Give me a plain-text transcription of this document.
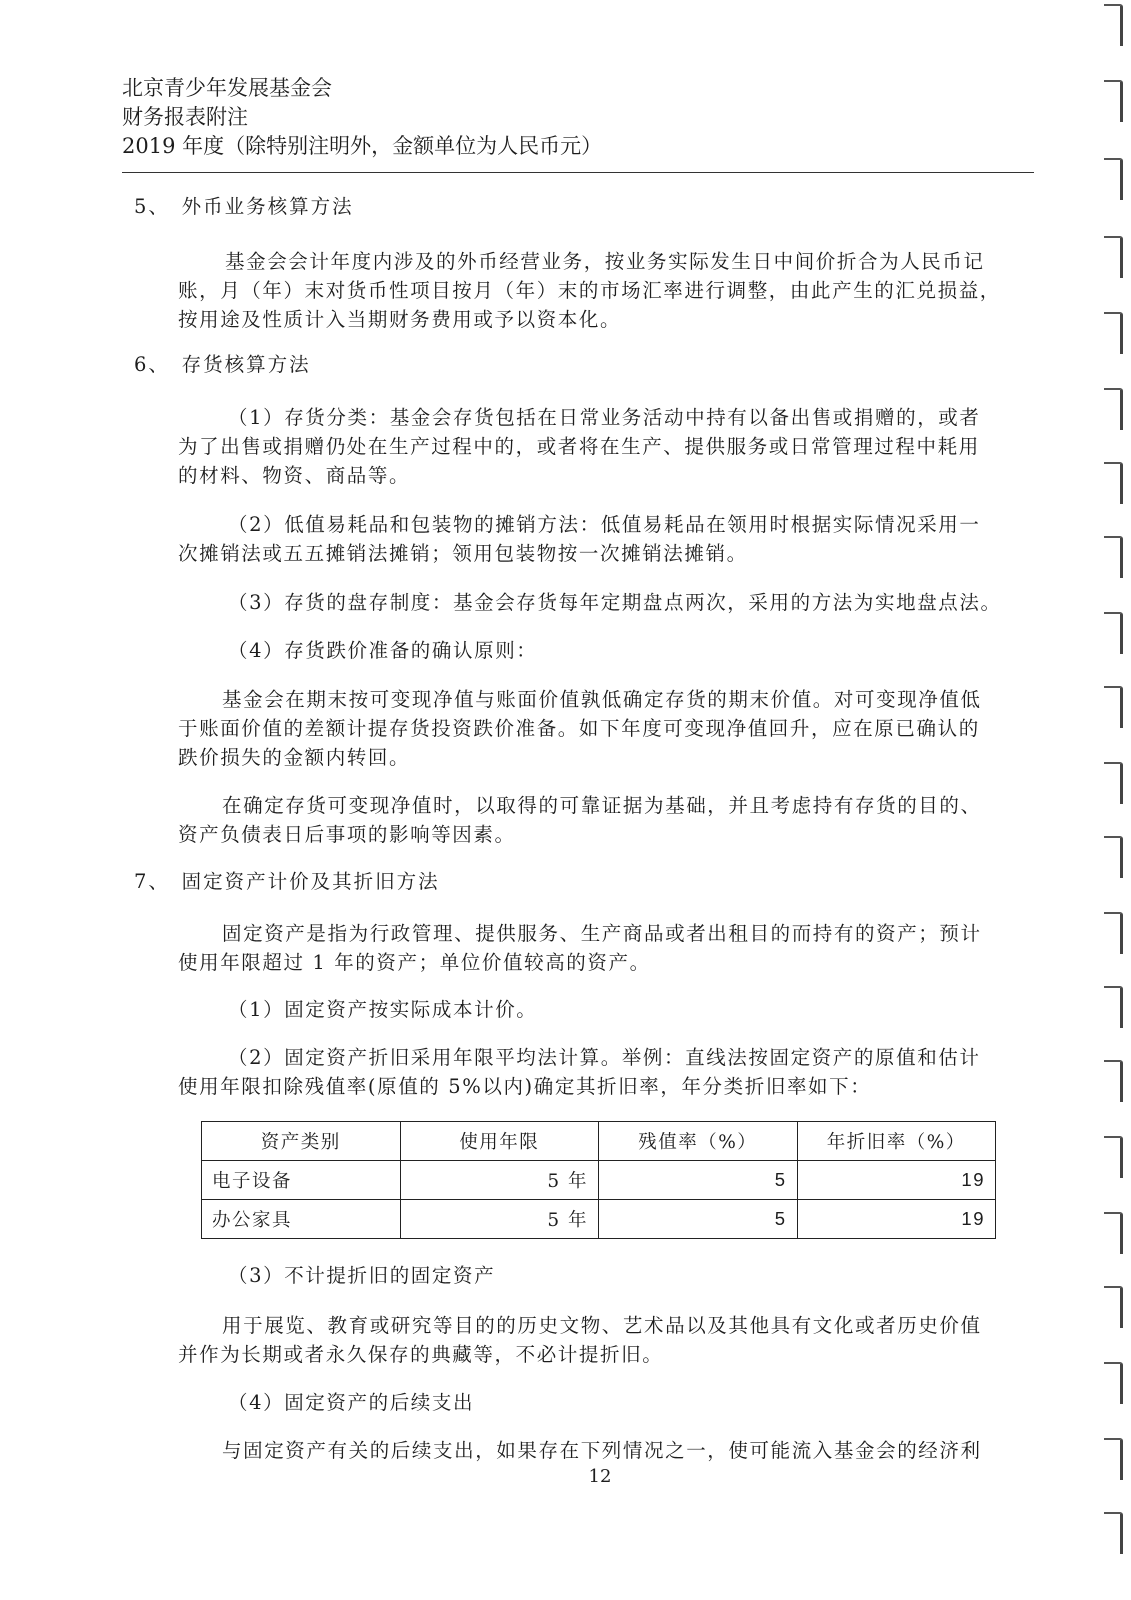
北京青少年发展基金会
财务报表附注
2019 年度（除特别注明外，金额单位为人民币元）
5、　外币业务核算方法
基金会会计年度内涉及的外币经营业务，按业务实际发生日中间价折合为人民币记
账，月（年）末对货币性项目按月（年）末的市场汇率进行调整，由此产生的汇兑损益，
按用途及性质计入当期财务费用或予以资本化。
6、　存货核算方法
（1）存货分类：基金会存货包括在日常业务活动中持有以备出售或捐赠的，或者
为了出售或捐赠仍处在生产过程中的，或者将在生产、提供服务或日常管理过程中耗用
的材料、物资、商品等。
（2）低值易耗品和包装物的摊销方法：低值易耗品在领用时根据实际情况采用一
次摊销法或五五摊销法摊销；领用包装物按一次摊销法摊销。
（3）存货的盘存制度：基金会存货每年定期盘点两次，采用的方法为实地盘点法。
（4）存货跌价准备的确认原则：
基金会在期末按可变现净值与账面价值孰低确定存货的期末价值。对可变现净值低
于账面价值的差额计提存货投资跌价准备。如下年度可变现净值回升，应在原已确认的
跌价损失的金额内转回。
在确定存货可变现净值时，以取得的可靠证据为基础，并且考虑持有存货的目的、
资产负债表日后事项的影响等因素。
7、　固定资产计价及其折旧方法
固定资产是指为行政管理、提供服务、生产商品或者出租目的而持有的资产；预计
使用年限超过 1 年的资产；单位价值较高的资产。
（1）固定资产按实际成本计价。
（2）固定资产折旧采用年限平均法计算。举例：直线法按固定资产的原值和估计
使用年限扣除残值率(原值的 5%以内)确定其折旧率，年分类折旧率如下：
资产类别	使用年限	残值率（%）	年折旧率（%）
电子设备	5 年	5	19
办公家具	5 年	5	19
（3）不计提折旧的固定资产
用于展览、教育或研究等目的的历史文物、艺术品以及其他具有文化或者历史价值
并作为长期或者永久保存的典藏等，不必计提折旧。
（4）固定资产的后续支出
与固定资产有关的后续支出，如果存在下列情况之一，使可能流入基金会的经济利
12
